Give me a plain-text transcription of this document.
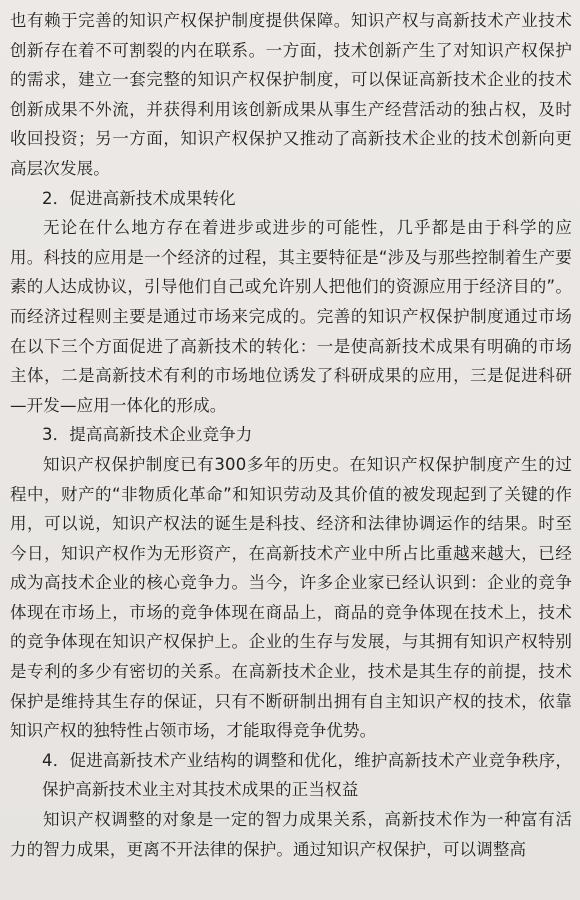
也有赖于完善的知识产权保护制度提供保障。知识产权与高新技术产业技术创新存在着不可割裂的内在联系。一方面，技术创新产生了对知识产权保护的需求，建立一套完整的知识产权保护制度，可以保证高新技术企业的技术创新成果不外流，并获得利用该创新成果从事生产经营活动的独占权，及时收回投资；另一方面，知识产权保护又推动了高新技术企业的技术创新向更高层次发展。

2．促进高新技术成果转化

无论在什么地方存在着进步或进步的可能性，几乎都是由于科学的应用。科技的应用是一个经济的过程，其主要特征是“涉及与那些控制着生产要素的人达成协议，引导他们自己或允许别人把他们的资源应用于经济目的”。而经济过程则主要是通过市场来完成的。完善的知识产权保护制度通过市场在以下三个方面促进了高新技术的转化：一是使高新技术成果有明确的市场主体，二是高新技术有利的市场地位诱发了科研成果的应用，三是促进科研—开发—应用一体化的形成。

3．提高高新技术企业竞争力

知识产权保护制度已有300多年的历史。在知识产权保护制度产生的过程中，财产的“非物质化革命”和知识劳动及其价值的被发现起到了关键的作用，可以说，知识产权法的诞生是科技、经济和法律协调运作的结果。时至今日，知识产权作为无形资产，在高新技术产业中所占比重越来越大，已经成为高技术企业的核心竞争力。当今，许多企业家已经认识到：企业的竞争体现在市场上，市场的竞争体现在商品上，商品的竞争体现在技术上，技术的竞争体现在知识产权保护上。企业的生存与发展，与其拥有知识产权特别是专利的多少有密切的关系。在高新技术企业，技术是其生存的前提，技术保护是维持其生存的保证，只有不断研制出拥有自主知识产权的技术，依靠知识产权的独特性占领市场，才能取得竞争优势。

4．促进高新技术产业结构的调整和优化，维护高新技术产业竞争秩序，保护高新技术业主对其技术成果的正当权益

知识产权调整的对象是一定的智力成果关系，高新技术作为一种富有活力的智力成果，更离不开法律的保护。通过知识产权保护，可以调整高
